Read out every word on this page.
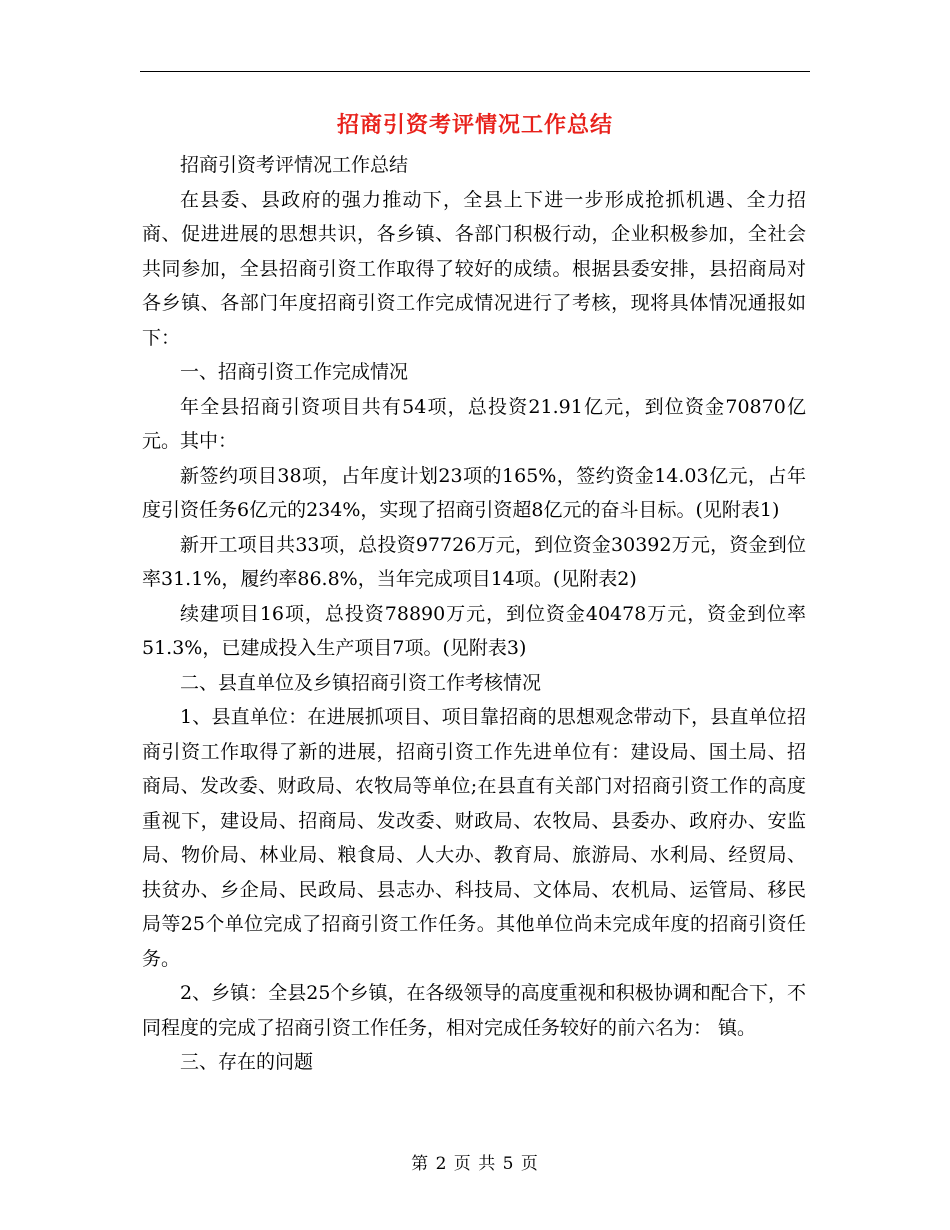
招商引资考评情况工作总结

招商引资考评情况工作总结

在县委、县政府的强力推动下，全县上下进一步形成抢抓机遇、全力招商、促进进展的思想共识，各乡镇、各部门积极行动，企业积极参加，全社会共同参加，全县招商引资工作取得了较好的成绩。根据县委安排，县招商局对各乡镇、各部门年度招商引资工作完成情况进行了考核，现将具体情况通报如下：

一、招商引资工作完成情况

年全县招商引资项目共有54项，总投资21.91亿元，到位资金70870亿元。其中：

新签约项目38项，占年度计划23项的165%，签约资金14.03亿元，占年度引资任务6亿元的234%，实现了招商引资超8亿元的奋斗目标。(见附表1)

新开工项目共33项，总投资97726万元，到位资金30392万元，资金到位率31.1%，履约率86.8%，当年完成项目14项。(见附表2)

续建项目16项，总投资78890万元，到位资金40478万元，资金到位率51.3%，已建成投入生产项目7项。(见附表3)

二、县直单位及乡镇招商引资工作考核情况

1、县直单位：在进展抓项目、项目靠招商的思想观念带动下，县直单位招商引资工作取得了新的进展，招商引资工作先进单位有：建设局、国土局、招商局、发改委、财政局、农牧局等单位;在县直有关部门对招商引资工作的高度重视下，建设局、招商局、发改委、财政局、农牧局、县委办、政府办、安监局、物价局、林业局、粮食局、人大办、教育局、旅游局、水利局、经贸局、扶贫办、乡企局、民政局、县志办、科技局、文体局、农机局、运管局、移民局等25个单位完成了招商引资工作任务。其他单位尚未完成年度的招商引资任务。

2、乡镇：全县25个乡镇，在各级领导的高度重视和积极协调和配合下，不同程度的完成了招商引资工作任务，相对完成任务较好的前六名为： 镇。

三、存在的问题

第 2 页 共 5 页
